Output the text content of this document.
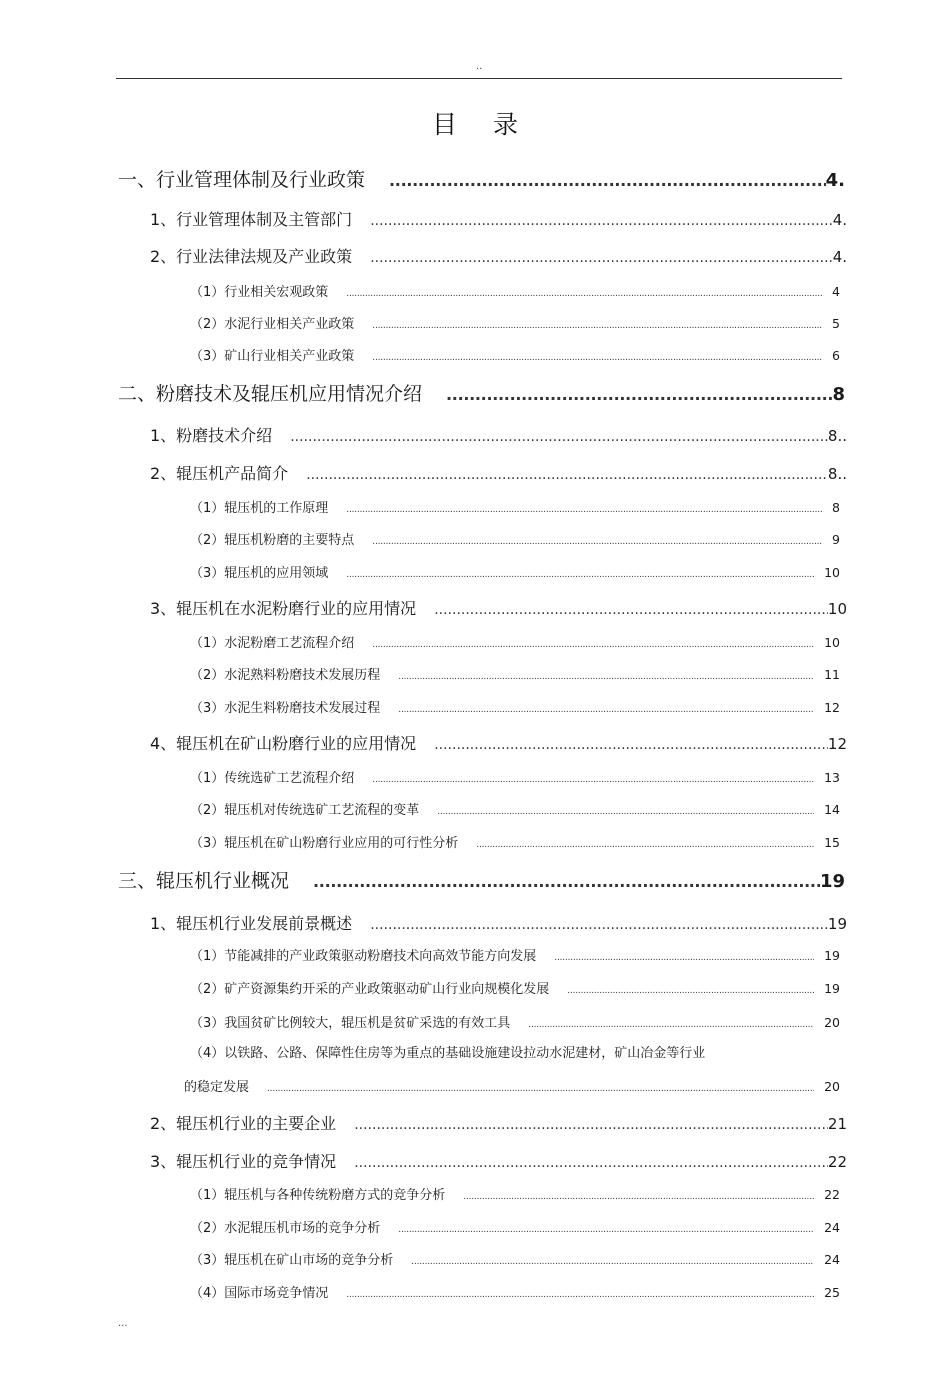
..
目 录
一、行业管理体制及行业政策 .....	4.
1、行业管理体制及主管部门 .....	4.
2、行业法律法规及产业政策 .....	4.
（1）行业相关宏观政策 .....	4
（2）水泥行业相关产业政策 .....	5
（3）矿山行业相关产业政策 .....	6
二、粉磨技术及辊压机应用情况介绍 .....	8
1、粉磨技术介绍 .....	8..
2、辊压机产品简介 .....	8..
（1）辊压机的工作原理 .....	8
（2）辊压机粉磨的主要特点 .....	9
（3）辊压机的应用领域 .....	10
3、辊压机在水泥粉磨行业的应用情况 .....	10
（1）水泥粉磨工艺流程介绍 .....	10
（2）水泥熟料粉磨技术发展历程 .....	11
（3）水泥生料粉磨技术发展过程 .....	12
4、辊压机在矿山粉磨行业的应用情况 .....	12
（1）传统选矿工艺流程介绍 .....	13
（2）辊压机对传统选矿工艺流程的变革 .....	14
（3）辊压机在矿山粉磨行业应用的可行性分析 .....	15
三、辊压机行业概况 .....	19
1、辊压机行业发展前景概述 .....	19
（1）节能减排的产业政策驱动粉磨技术向高效节能方向发展 .....	19
（2）矿产资源集约开采的产业政策驱动矿山行业向规模化发展 .....	19
（3）我国贫矿比例较大，辊压机是贫矿采选的有效工具 .....	20
（4）以铁路、公路、保障性住房等为重点的基础设施建设拉动水泥建材，矿山冶金等行业
的稳定发展 .....	20
2、辊压机行业的主要企业 .....	21
3、辊压机行业的竞争情况 .....	22
（1）辊压机与各种传统粉磨方式的竞争分析 .....	22
（2）水泥辊压机市场的竞争分析 .....	24
（3）辊压机在矿山市场的竞争分析 .....	24
（4）国际市场竞争情况 .....	25
...
